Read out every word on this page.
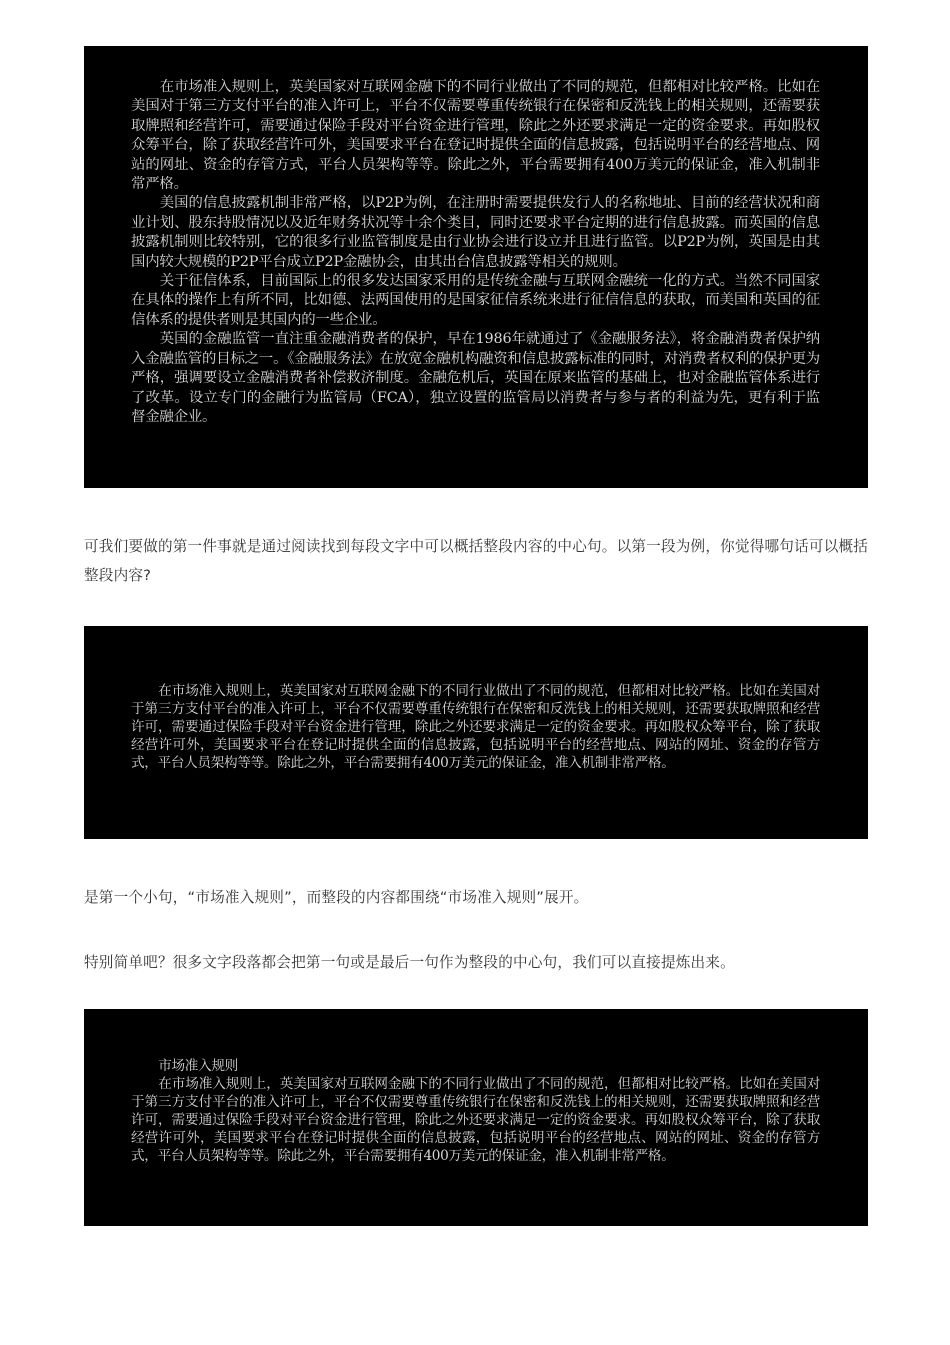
在市场准入规则上，英美国家对互联网金融下的不同行业做出了不同的规范，但都相对比较严格。比如在美国对于第三方支付平台的准入许可上，平台不仅需要尊重传统银行在保密和反洗钱上的相关规则，还需要获取牌照和经营许可，需要通过保险手段对平台资金进行管理，除此之外还要求满足一定的资金要求。再如股权众筹平台，除了获取经营许可外，美国要求平台在登记时提供全面的信息披露，包括说明平台的经营地点、网站的网址、资金的存管方式，平台人员架构等等。除此之外，平台需要拥有400万美元的保证金，准入机制非常严格。

美国的信息披露机制非常严格，以P2P为例，在注册时需要提供发行人的名称地址、目前的经营状况和商业计划、股东持股情况以及近年财务状况等十余个类目，同时还要求平台定期的进行信息披露。而英国的信息披露机制则比较特别，它的很多行业监管制度是由行业协会进行设立并且进行监管。以P2P为例，英国是由其国内较大规模的P2P平台成立P2P金融协会，由其出台信息披露等相关的规则。

关于征信体系，目前国际上的很多发达国家采用的是传统金融与互联网金融统一化的方式。当然不同国家在具体的操作上有所不同，比如德、法两国使用的是国家征信系统来进行征信信息的获取，而美国和英国的征信体系的提供者则是其国内的一些企业。

英国的金融监管一直注重金融消费者的保护，早在1986年就通过了《金融服务法》，将金融消费者保护纳入金融监管的目标之一。《金融服务法》在放宽金融机构融资和信息披露标准的同时，对消费者权利的保护更为严格，强调要设立金融消费者补偿救济制度。金融危机后，英国在原来监管的基础上，也对金融监管体系进行了改革。设立专门的金融行为监管局（FCA），独立设置的监管局以消费者与参与者的利益为先，更有利于监督金融企业。

可我们要做的第一件事就是通过阅读找到每段文字中可以概括整段内容的中心句。以第一段为例，你觉得哪句话可以概括整段内容?

在市场准入规则上，英美国家对互联网金融下的不同行业做出了不同的规范，但都相对比较严格。比如在美国对于第三方支付平台的准入许可上，平台不仅需要尊重传统银行在保密和反洗钱上的相关规则，还需要获取牌照和经营许可，需要通过保险手段对平台资金进行管理，除此之外还要求满足一定的资金要求。再如股权众筹平台，除了获取经营许可外，美国要求平台在登记时提供全面的信息披露，包括说明平台的经营地点、网站的网址、资金的存管方式，平台人员架构等等。除此之外，平台需要拥有400万美元的保证金，准入机制非常严格。

是第一个小句，“市场准入规则”，而整段的内容都围绕“市场准入规则”展开。

特别简单吧？很多文字段落都会把第一句或是最后一句作为整段的中心句，我们可以直接提炼出来。

市场准入规则

在市场准入规则上，英美国家对互联网金融下的不同行业做出了不同的规范，但都相对比较严格。比如在美国对于第三方支付平台的准入许可上，平台不仅需要尊重传统银行在保密和反洗钱上的相关规则，还需要获取牌照和经营许可，需要通过保险手段对平台资金进行管理，除此之外还要求满足一定的资金要求。再如股权众筹平台，除了获取经营许可外，美国要求平台在登记时提供全面的信息披露，包括说明平台的经营地点、网站的网址、资金的存管方式，平台人员架构等等。除此之外，平台需要拥有400万美元的保证金，准入机制非常严格。
